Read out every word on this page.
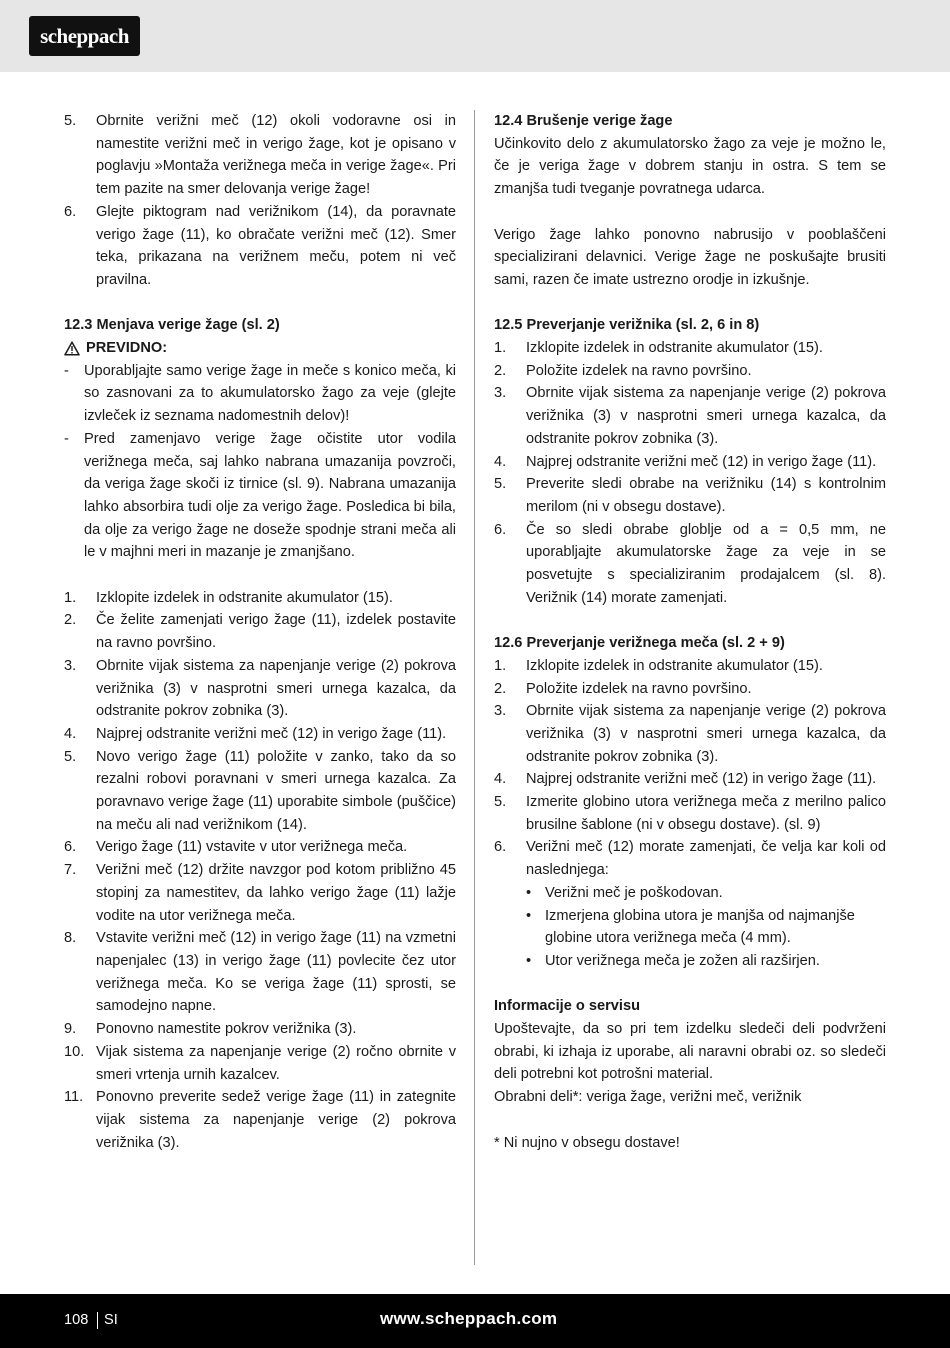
scheppach
5.	Obrnite verižni meč (12) okoli vodoravne osi in namestite verižni meč in verigo žage, kot je opisano v poglavju »Montaža verižnega meča in verige žage«. Pri tem pazite na smer delovanja verige žage!
6.	Glejte piktogram nad verižnikom (14), da poravnate verigo žage (11), ko obračate verižni meč (12). Smer teka, prikazana na verižnem meču, potem ni več pravilna.
12.3 Menjava verige žage (sl. 2)
PREVIDNO:
-	Uporabljajte samo verige žage in meče s konico meča, ki so zasnovani za to akumulatorsko žago za veje (glejte izvleček iz seznama nadomestnih delov)!
-	Pred zamenjavo verige žage očistite utor vodila verižnega meča, saj lahko nabrana umazanija povzroči, da veriga žage skoči iz tirnice (sl. 9). Nabrana umazanija lahko absorbira tudi olje za verigo žage. Posledica bi bila, da olje za verigo žage ne doseže spodnje strani meča ali le v majhni meri in mazanje je zmanjšano.
1.	Izklopite izdelek in odstranite akumulator (15).
2.	Če želite zamenjati verigo žage (11), izdelek postavite na ravno površino.
3.	Obrnite vijak sistema za napenjanje verige (2) pokrova verižnika (3) v nasprotni smeri urnega kazalca, da odstranite pokrov zobnika (3).
4.	Najprej odstranite verižni meč (12) in verigo žage (11).
5.	Novo verigo žage (11) položite v zanko, tako da so rezalni robovi poravnani v smeri urnega kazalca. Za poravnavo verige žage (11) uporabite simbole (puščice) na meču ali nad verižnikom (14).
6.	Verigo žage (11) vstavite v utor verižnega meča.
7.	Verižni meč (12) držite navzgor pod kotom približno 45 stopinj za namestitev, da lahko verigo žage (11) lažje vodite na utor verižnega meča.
8.	Vstavite verižni meč (12) in verigo žage (11) na vzmetni napenjalec (13) in verigo žage (11) povlecite čez utor verižnega meča. Ko se veriga žage (11) sprosti, se samodejno napne.
9.	Ponovno namestite pokrov verižnika (3).
10. Vijak sistema za napenjanje verige (2) ročno obrnite v smeri vrtenja urnih kazalcev.
11. Ponovno preverite sedež verige žage (11) in zategnite vijak sistema za napenjanje verige (2) pokrova verižnika (3).
12.4 Brušenje verige žage
Učinkovito delo z akumulatorsko žago za veje je možno le, če je veriga žage v dobrem stanju in ostra. S tem se zmanjša tudi tveganje povratnega udarca.
Verigo žage lahko ponovno nabrusijo v pooblaščeni specializirani delavnici. Verige žage ne poskušajte brusiti sami, razen če imate ustrezno orodje in izkušnje.
12.5 Preverjanje verižnika (sl. 2, 6 in 8)
1.	Izklopite izdelek in odstranite akumulator (15).
2.	Položite izdelek na ravno površino.
3.	Obrnite vijak sistema za napenjanje verige (2) pokrova verižnika (3) v nasprotni smeri urnega kazalca, da odstranite pokrov zobnika (3).
4.	Najprej odstranite verižni meč (12) in verigo žage (11).
5.	Preverite sledi obrabe na verižniku (14) s kontrolnim merilom (ni v obsegu dostave).
6.	Če so sledi obrabe globlje od a = 0,5 mm, ne uporabljajte akumulatorske žage za veje in se posvetujte s specializiranim prodajalcem (sl. 8). Verižnik (14) morate zamenjati.
12.6 Preverjanje verižnega meča (sl. 2 + 9)
1.	Izklopite izdelek in odstranite akumulator (15).
2.	Položite izdelek na ravno površino.
3.	Obrnite vijak sistema za napenjanje verige (2) pokrova verižnika (3) v nasprotni smeri urnega kazalca, da odstranite pokrov zobnika (3).
4.	Najprej odstranite verižni meč (12) in verigo žage (11).
5.	Izmerite globino utora verižnega meča z merilno palico brusilne šablone (ni v obsegu dostave). (sl. 9)
6.	Verižni meč (12) morate zamenjati, če velja kar koli od naslednjega:
• Verižni meč je poškodovan.
• Izmerjena globina utora je manjša od najmanjše globine utora verižnega meča (4 mm).
• Utor verižnega meča je zožen ali razširjen.
Informacije o servisu
Upoštevajte, da so pri tem izdelku sledeči deli podvrženi obrabi, ki izhaja iz uporabe, ali naravni obrabi oz. so sledeči deli potrebni kot potrošni material.
Obrabni deli*: veriga žage, verižni meč, verižnik
* Ni nujno v obsegu dostave!
108 SI	www.scheppach.com
